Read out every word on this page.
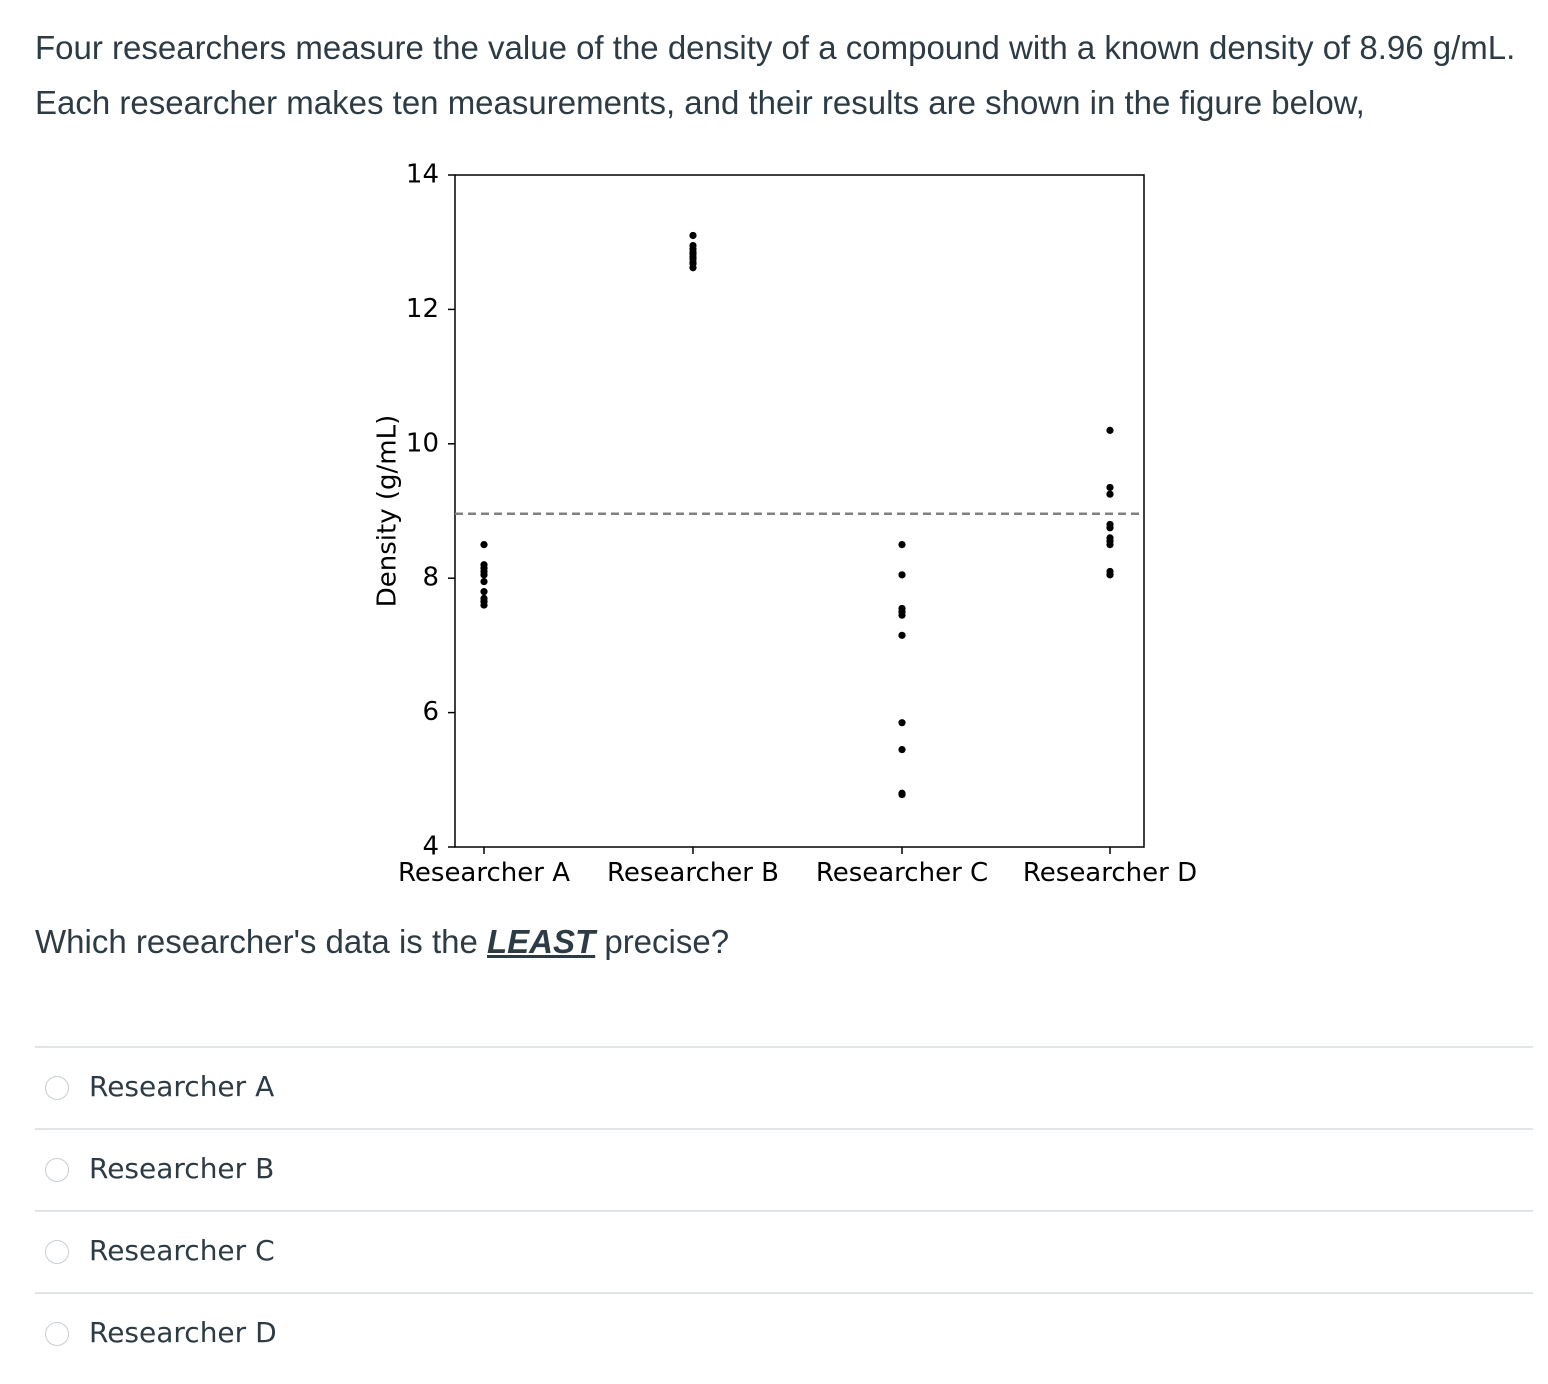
Four researchers measure the value of the density of a compound with a known density of 8.96 g/mL. Each researcher makes ten measurements, and their results are shown in the figure below,

Density (g/mL)
4
6
8
10
12
14
Researcher A Researcher B Researcher C Researcher D

Which researcher's data is the LEAST precise?

Researcher A
Researcher B
Researcher C
Researcher D
